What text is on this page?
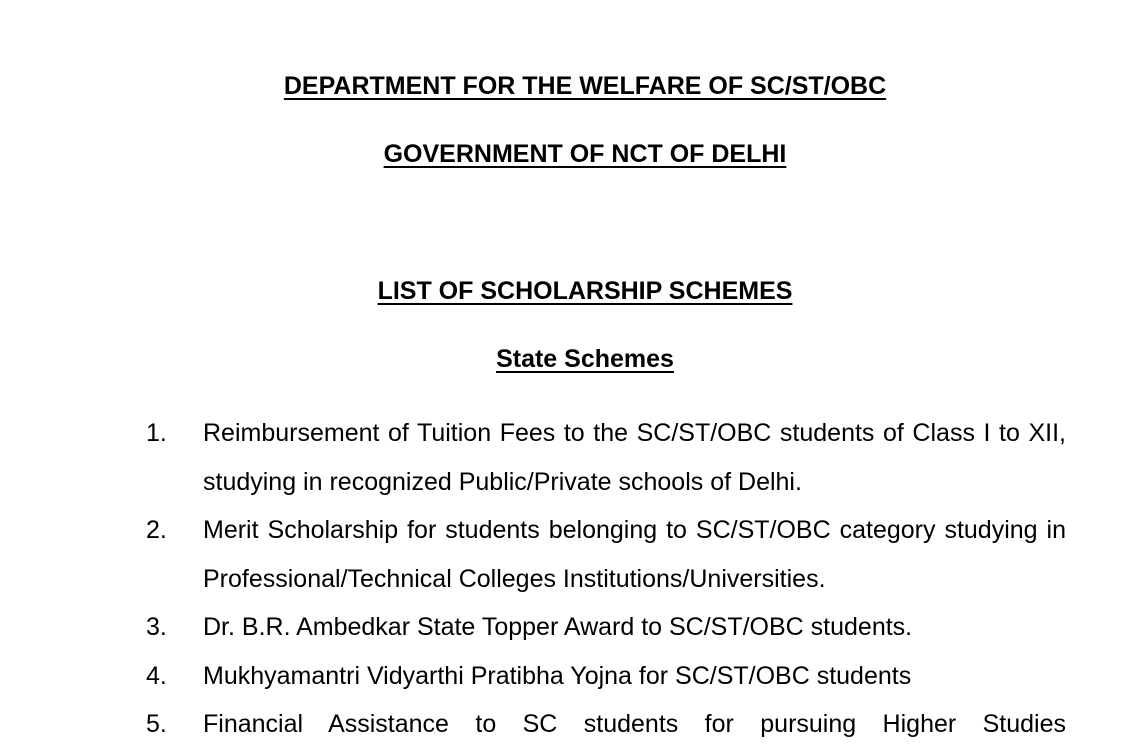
DEPARTMENT FOR THE WELFARE OF SC/ST/OBC
GOVERNMENT OF NCT OF DELHI
LIST OF SCHOLARSHIP SCHEMES
State Schemes
1. Reimbursement of Tuition Fees to the SC/ST/OBC students of Class I to XII, studying in recognized Public/Private schools of Delhi.
2. Merit Scholarship for students belonging to SC/ST/OBC category studying in Professional/Technical Colleges Institutions/Universities.
3. Dr. B.R. Ambedkar State Topper Award to SC/ST/OBC students.
4. Mukhyamantri Vidyarthi Pratibha Yojna for SC/ST/OBC students
5. Financial Assistance to SC students for pursuing Higher Studies
